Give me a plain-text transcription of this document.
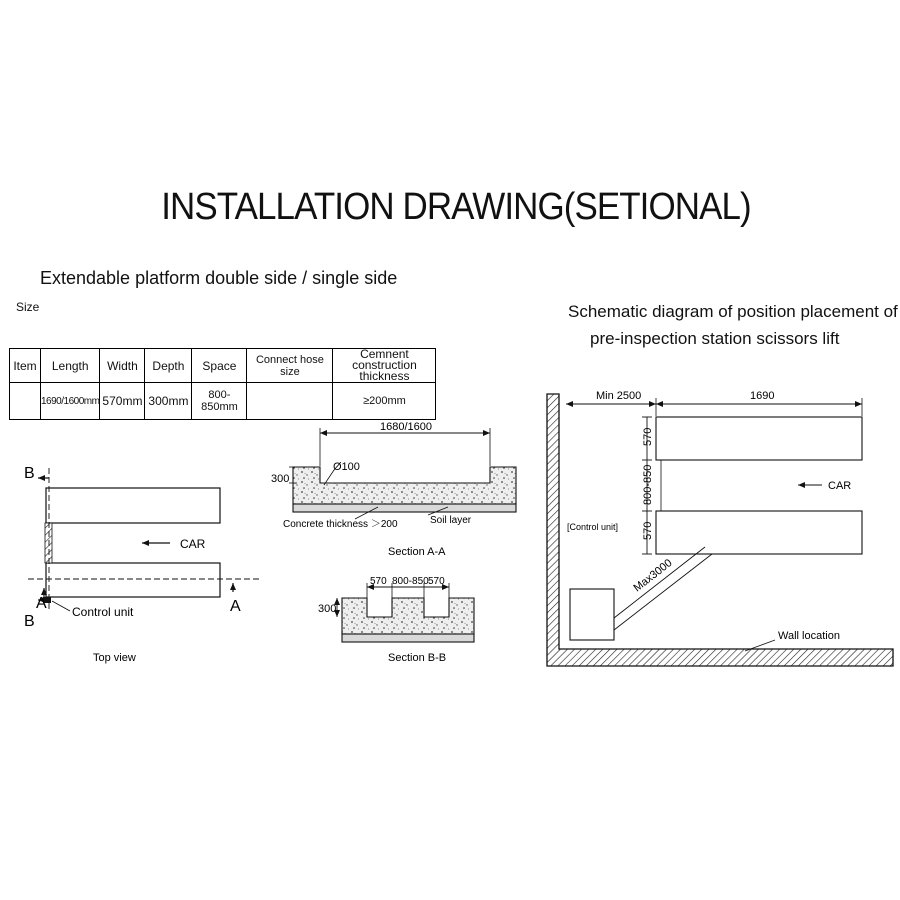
INSTALLATION DRAWING(SETIONAL)
Extendable platform double side / single side
Size	Schematic diagram of position placement of
pre-inspection station scissors lift
Item	Length	Width	Depth	Space	Connect hose size	Cemnent construction thickness
	1690/1600mm	570mm	300mm	800-850mm		≥200mm
B
B
A	A
CAR
Control unit
Top view
1680/1600
300
Ø100
Concrete thickness ＞200	Soil layer
Section A-A
570 800-850 570
300
Section B-B
Min 2500	1690
570
800-850
570
CAR
[Control unit]
Max3000
Wall location
